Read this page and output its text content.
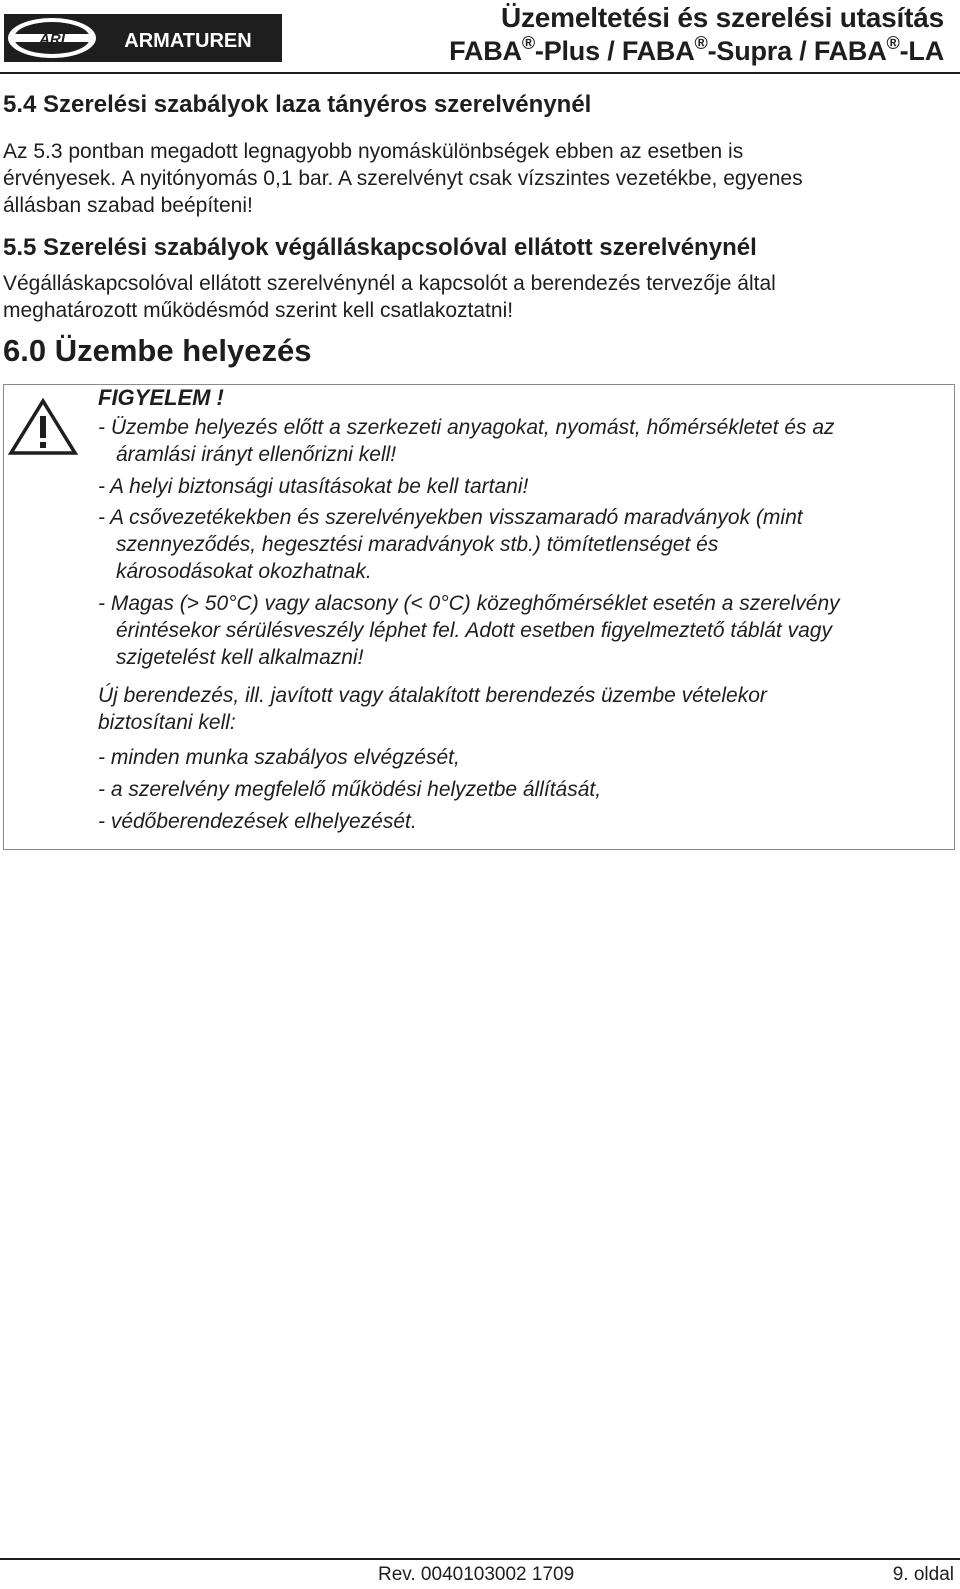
ARI	ARMATUREN
Üzemeltetési és szerelési utasítás
FABA®-Plus / FABA®-Supra / FABA®-LA
5.4 Szerelési szabályok laza tányéros szerelvénynél
Az 5.3 pontban megadott legnagyobb nyomáskülönbségek ebben az esetben is
érvényesek. A nyitónyomás 0,1 bar. A szerelvényt csak vízszintes vezetékbe, egyenes
állásban szabad beépíteni!
5.5 Szerelési szabályok végálláskapcsolóval ellátott szerelvénynél
Végálláskapcsolóval ellátott szerelvénynél a kapcsolót a berendezés tervezője által
meghatározott működésmód szerint kell csatlakoztatni!
6.0 Üzembe helyezés
FIGYELEM !
- Üzembe helyezés előtt a szerkezeti anyagokat, nyomást, hőmérsékletet és az
áramlási irányt ellenőrizni kell!
- A helyi biztonsági utasításokat be kell tartani!
- A csővezetékekben és szerelvényekben visszamaradó maradványok (mint
szennyeződés, hegesztési maradványok stb.) tömítetlenséget és
károsodásokat okozhatnak.
- Magas (> 50°C) vagy alacsony (< 0°C) közeghőmérséklet esetén a szerelvény
érintésekor sérülésveszély léphet fel. Adott esetben figyelmeztető táblát vagy
szigetelést kell alkalmazni!
Új berendezés, ill. javított vagy átalakított berendezés üzembe vételekor
biztosítani kell:
- minden munka szabályos elvégzését,
- a szerelvény megfelelő működési helyzetbe állítását,
- védőberendezések elhelyezését.
Rev. 0040103002 1709	9. oldal
